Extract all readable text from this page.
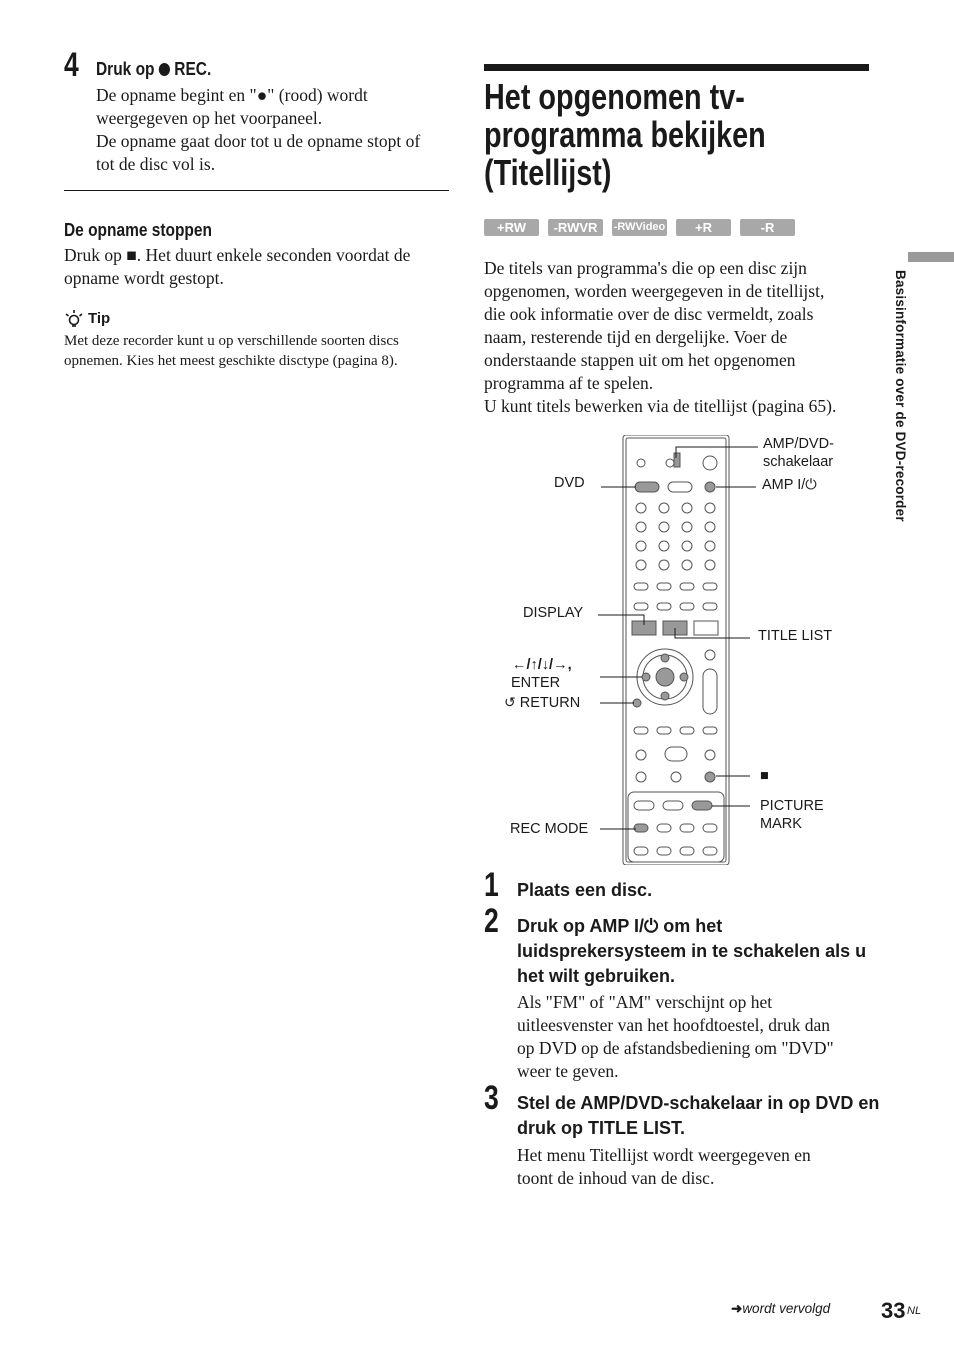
4 Druk op REC.
De opname begint en "●" (rood) wordt
weergegeven op het voorpaneel.
De opname gaat door tot u de opname stopt of
tot de disc vol is.
De opname stoppen
Druk op ■. Het duurt enkele seconden voordat de
opname wordt gestopt.
Tip
Met deze recorder kunt u op verschillende soorten discs
opnemen. Kies het meest geschikte disctype (pagina 8).
Het opgenomen tv-
programma bekijken
(Titellijst)
+RW	-RWVR	-RWVideo	+R	-R
De titels van programma's die op een disc zijn
opgenomen, worden weergegeven in de titellijst,
die ook informatie over de disc vermeldt, zoals
naam, resterende tijd en dergelijke. Voer de
onderstaande stappen uit om het opgenomen
programma af te spelen.
U kunt titels bewerken via de titellijst (pagina 65).
AMP/DVD-
schakelaar
DVD	AMP I/⏻
DISPLAY
TITLE LIST
←/↑/↓/→,
ENTER
↺ RETURN
■
PICTURE
MARK
REC MODE
1 Plaats een disc.
2 Druk op AMP I/⏻ om het

luidsprekersysteem in te schakelen als u

het wilt gebruiken.
Als "FM" of "AM" verschijnt op het
uitleesvenster van het hoofdtoestel, druk dan
op DVD op de afstandsbediening om "DVD"
weer te geven.
3 Stel de AMP/DVD-schakelaar in op DVD en

druk op TITLE LIST.
Het menu Titellijst wordt weergegeven en
toont de inhoud van de disc.
Basisinformatie over de DVD-recorder
➜wordt vervolgd 33 NL
